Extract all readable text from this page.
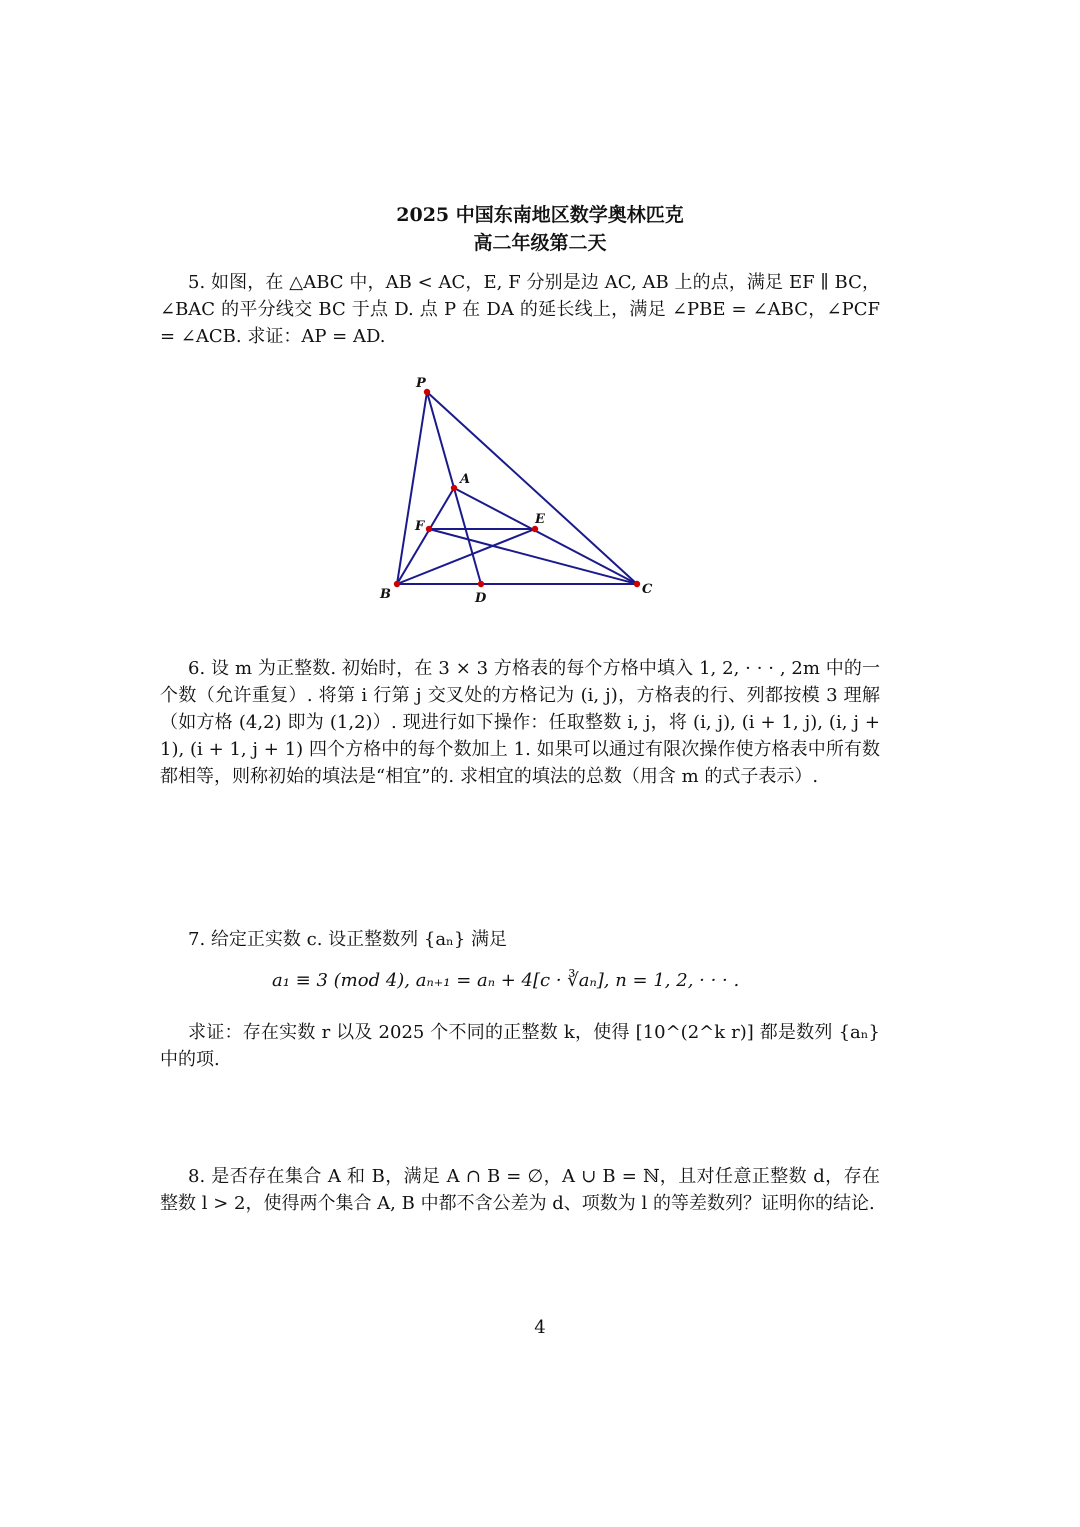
2025 中国东南地区数学奥林匹克
高二年级第二天
5. 如图，在 △ABC 中，AB < AC，E, F 分别是边 AC, AB 上的点，满足 EF ∥ BC，∠BAC 的平分线交 BC 于点 D. 点 P 在 DA 的延长线上，满足 ∠PBE = ∠ABC，∠PCF = ∠ACB. 求证：AP = AD.
P
A
E
F
B	D
C
6. 设 m 为正整数. 初始时，在 3 × 3 方格表的每个方格中填入 1, 2, · · · , 2m 中的一个数（允许重复）. 将第 i 行第 j 交叉处的方格记为 (i, j)，方格表的行、列都按模 3 理解（如方格 (4,2) 即为 (1,2)）. 现进行如下操作：任取整数 i, j，将 (i, j), (i + 1, j), (i, j + 1), (i + 1, j + 1) 四个方格中的每个数加上 1. 如果可以通过有限次操作使方格表中所有数都相等，则称初始的填法是“相宜”的. 求相宜的填法的总数（用含 m 的式子表示）.
7. 给定正实数 c. 设正整数列 {aₙ} 满足
a₁ ≡ 3 (mod 4), aₙ₊₁ = aₙ + 4[c · ∛aₙ], n = 1, 2, · · · .
求证：存在实数 r 以及 2025 个不同的正整数 k，使得 [10^(2^k r)] 都是数列 {aₙ} 中的项.
8. 是否存在集合 A 和 B，满足 A ∩ B = ∅，A ∪ B = ℕ，且对任意正整数 d，存在整数 l > 2，使得两个集合 A, B 中都不含公差为 d、项数为 l 的等差数列？证明你的结论.
4
